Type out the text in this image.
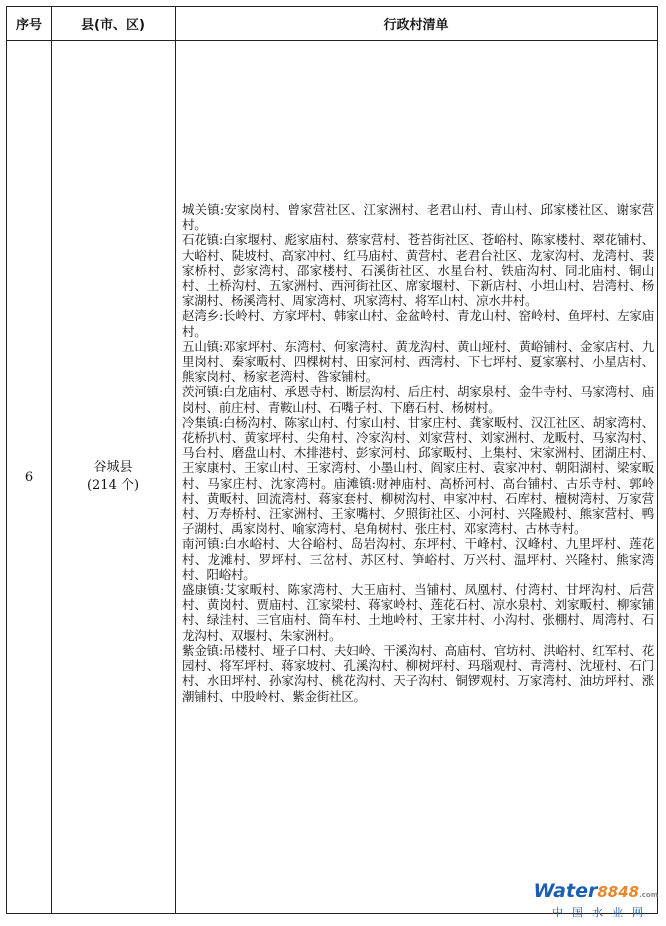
序号	县(市、区)	行政村清单
6
谷城县
(214 个)

城关镇:安家岗村、曾家营社区、江家洲村、老君山村、青山村、邱家楼社区、谢家营村。

石花镇:白家堰村、彪家庙村、蔡家营村、苍苔街社区、苍峪村、陈家楼村、翠花铺村、大峪村、陡坡村、高家冲村、红马庙村、黄营村、老君台社区、龙家沟村、龙湾村、裴家桥村、彭家湾村、邵家楼村、石溪街社区、水星台村、铁庙沟村、同北庙村、铜山村、土桥沟村、五家洲村、西河街社区、席家堰村、下新店村、小坦山村、岩湾村、杨家湖村、杨溪湾村、周家湾村、巩家湾村、将军山村、凉水井村。

赵湾乡:长岭村、方家坪村、韩家山村、金盆岭村、青龙山村、窑岭村、鱼坪村、左家庙村。

五山镇:邓家坪村、东湾村、何家湾村、黄龙沟村、黄山垭村、黄峪铺村、金家店村、九里岗村、秦家畈村、四棵树村、田家河村、西湾村、下七坪村、夏家寨村、小星店村、熊家岗村、杨家老湾村、昝家铺村。

茨河镇:白龙庙村、承恩寺村、断层沟村、后庄村、胡家泉村、金牛寺村、马家湾村、庙岗村、前庄村、青鞍山村、石嘴子村、下磨石村、杨树村。

冷集镇:白杨沟村、陈家山村、付家山村、甘家庄村、龚家畈村、汉江社区、胡家湾村、花桥扒村、黄家坪村、尖角村、冷家沟村、刘家营村、刘家洲村、龙畈村、马家沟村、马台村、磨盘山村、木排港村、彭家河村、邱家畈村、上集村、宋家洲村、团湖庄村、王家康村、王家山村、王家湾村、小墨山村、阎家庄村、袁家冲村、朝阳湖村、梁家畈村、马家庄村、沈家湾村。庙滩镇:财神庙村、高桥河村、高台铺村、古乐寺村、郭岭村、黄畈村、回流湾村、蒋家套村、柳树沟村、申家冲村、石库村、檀树湾村、万家营村、万寿桥村、汪家洲村、王家嘴村、夕照街社区、小河村、兴隆殿村、熊家营村、鸭子湖村、禹家岗村、喻家湾村、皂角树村、张庄村、邓家湾村、古林寺村。

南河镇:白水峪村、大谷峪村、岛岩沟村、东坪村、干峰村、汉峰村、九里坪村、莲花村、龙滩村、罗坪村、三岔村、苏区村、笋峪村、万兴村、温坪村、兴隆村、熊家湾村、阳峪村。

盛康镇:艾家畈村、陈家湾村、大王庙村、当铺村、凤凰村、付湾村、甘坪沟村、后营村、黄岗村、贾庙村、江家梁村、蒋家岭村、莲花石村、凉水泉村、刘家畈村、柳家铺村、绿洼村、三官庙村、筒车村、土地岭村、王家井村、小沟村、张棚村、周湾村、石龙沟村、双堰村、朱家洲村。

紫金镇:吊楼村、垭子口村、夫妇岭、干溪沟村、高庙村、官坊村、洪峪村、红军村、花园村、将军坪村、蒋家坡村、孔溪沟村、柳树坪村、玛瑙观村、青湾村、沈垭村、石门村、水田坪村、孙家沟村、桃花沟村、天子沟村、铜锣观村、万家湾村、油坊坪村、涨潮铺村、中股岭村、紫金街社区。

Water8848.com
中国水业网
